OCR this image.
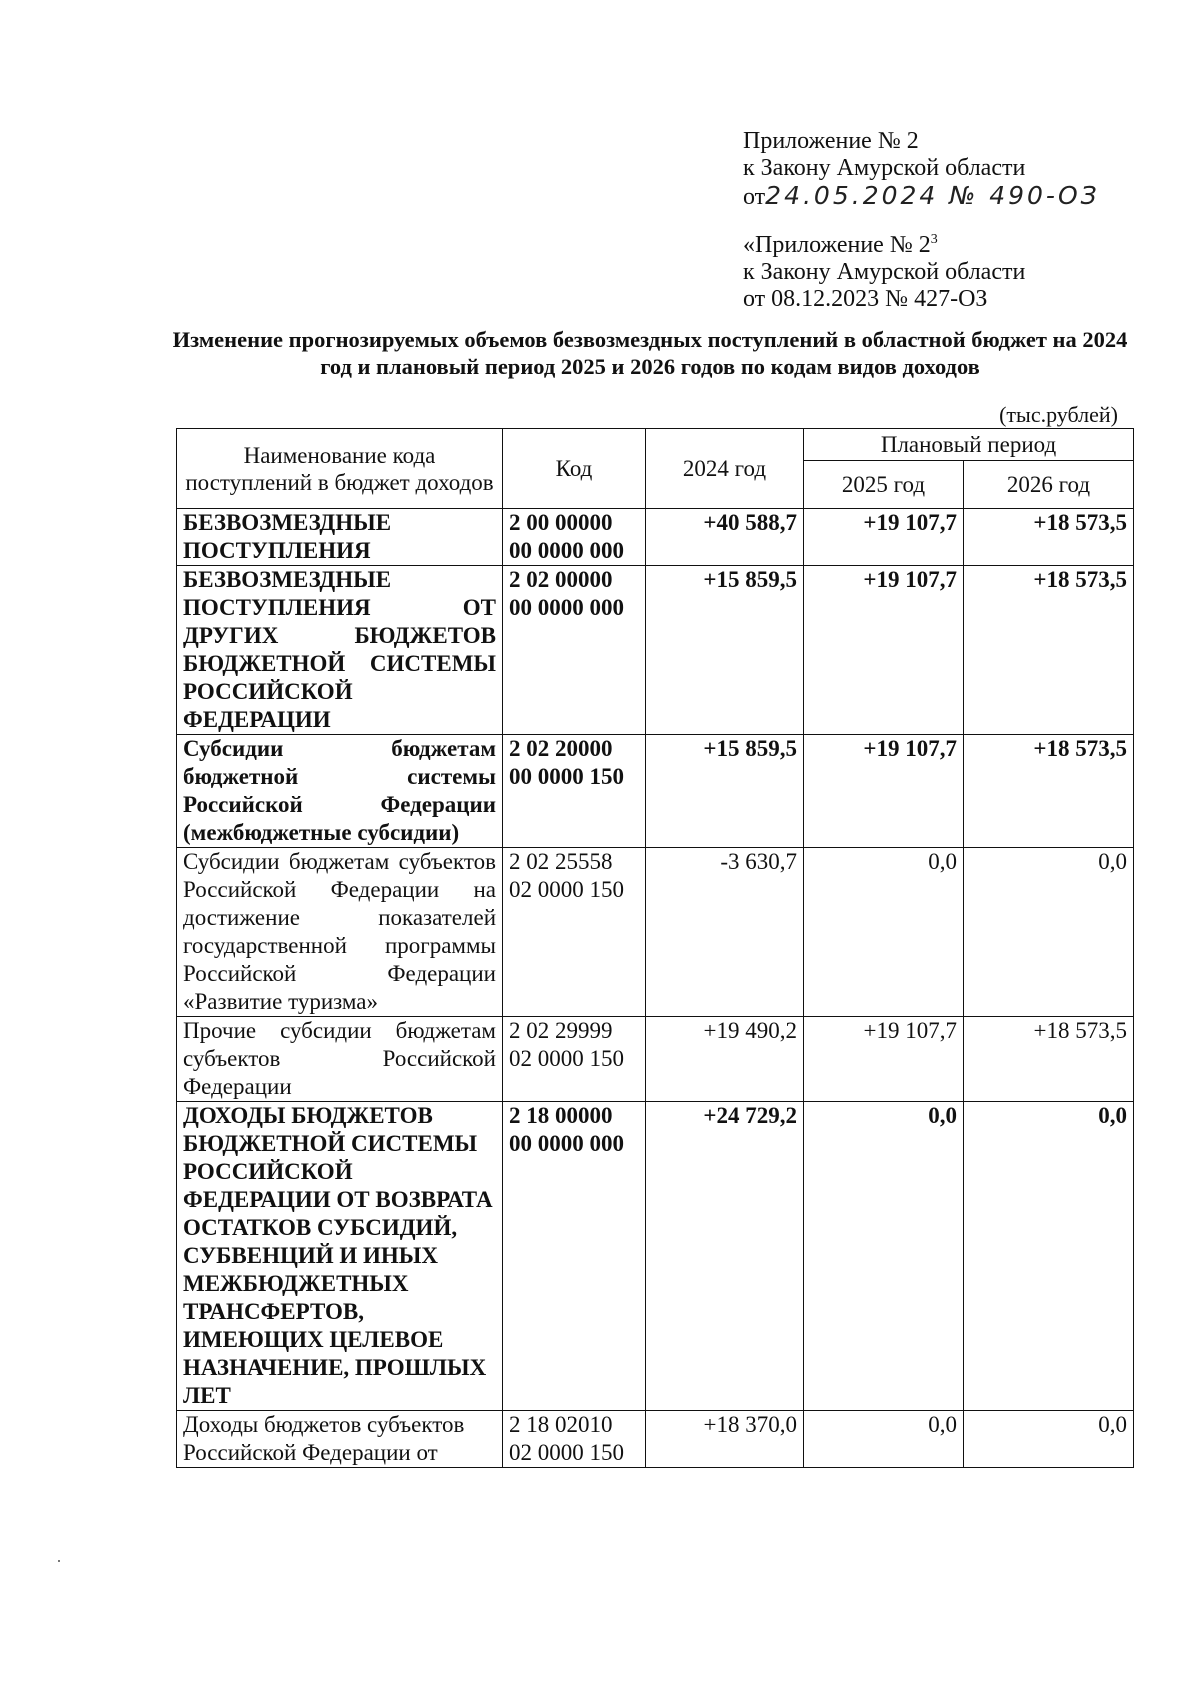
Приложение № 2
к Закону Амурской области
от24.05.2024 № 490-ОЗ
«Приложение № $2^3$
к Закону Амурской области
от 08.12.2023 № 427-ОЗ
Изменение прогнозируемых объемов безвозмездных поступлений в областной бюджет на 2024 год и плановый период 2025 и 2026 годов по кодам видов доходов
(тыс.рублей)
Наименование кода поступлений в бюджет доходов	Код	2024 год	Плановый период	
			2025 год	2026 год
БЕЗВОЗМЕЗДНЫЕ ПОСТУПЛЕНИЯ	2 00 00000 00 0000 000	+40 588,7	+19 107,7	+18 573,5
БЕЗВОЗМЕЗДНЫЕ ПОСТУПЛЕНИЯ ОТ ДРУГИХ БЮДЖЕТОВ БЮДЖЕТНОЙ СИСТЕМЫ РОССИЙСКОЙ ФЕДЕРАЦИИ	2 02 00000 00 0000 000	+15 859,5	+19 107,7	+18 573,5
Субсидии бюджетам бюджетной системы Российской Федерации (межбюджетные субсидии)	2 02 20000 00 0000 150	+15 859,5	+19 107,7	+18 573,5
Субсидии бюджетам субъектов Российской Федерации на достижение показателей государственной программы Российской Федерации «Развитие туризма»	2 02 25558 02 0000 150	-3 630,7	0,0	0,0
Прочие субсидии бюджетам субъектов Российской Федерации	2 02 29999 02 0000 150	+19 490,2	+19 107,7	+18 573,5
ДОХОДЫ БЮДЖЕТОВ БЮДЖЕТНОЙ СИСТЕМЫ РОССИЙСКОЙ ФЕДЕРАЦИИ ОТ ВОЗВРАТА ОСТАТКОВ СУБСИДИЙ, СУБВЕНЦИЙ И ИНЫХ МЕЖБЮДЖЕТНЫХ ТРАНСФЕРТОВ, ИМЕЮЩИХ ЦЕЛЕВОЕ НАЗНАЧЕНИЕ, ПРОШЛЫХ ЛЕТ	2 18 00000 00 0000 000	+24 729,2	0,0	0,0
Доходы бюджетов субъектов Российской Федерации от	2 18 02010 02 0000 150	+18 370,0	0,0	0,0
